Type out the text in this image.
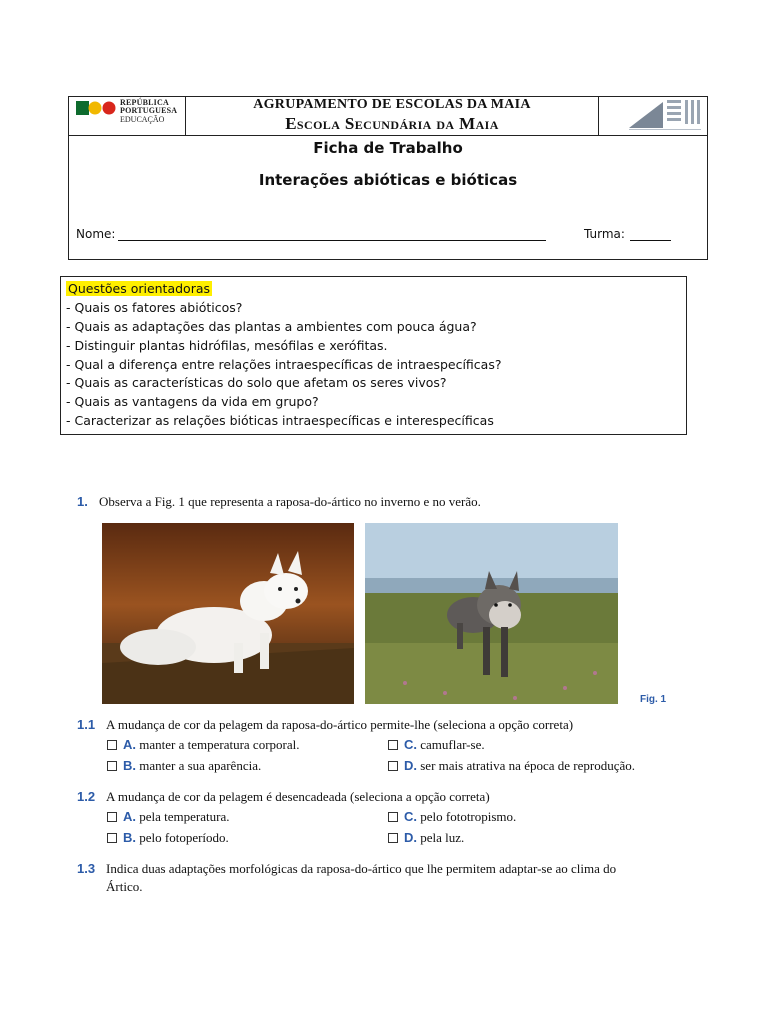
REPÚBLICA
PORTUGUESA
EDUCAÇÃO
AGRUPAMENTO DE ESCOLAS DA MAIA
Escola Secundária da Maia
Ficha de Trabalho
Interações abióticas e bióticas
Nome:	Turma:
Questões orientadoras
- Quais os fatores abióticos?
- Quais as adaptações das plantas a ambientes com pouca água?
- Distinguir plantas hidrófilas, mesófilas e xerófitas.
- Qual a diferença entre relações intraespecíficas de intraespecíficas?
- Quais as características do solo que afetam os seres vivos?
- Quais as vantagens da vida em grupo?
- Caracterizar as relações bióticas intraespecíficas e interespecíficas
1. Observa a Fig. 1 que representa a raposa-do-ártico no inverno e no verão.
Fig. 1
1.1 A mudança de cor da pelagem da raposa-do-ártico permite-lhe (seleciona a opção correta)
A. manter a temperatura corporal.
B. manter a sua aparência.
C. camuflar-se.
D. ser mais atrativa na época de reprodução.
1.2 A mudança de cor da pelagem é desencadeada (seleciona a opção correta)
A. pela temperatura.
B. pelo fotoperíodo.
C. pelo fototropismo.
D. pela luz.
1.3 Indica duas adaptações morfológicas da raposa-do-ártico que lhe permitem adaptar-se ao clima do
Ártico.
